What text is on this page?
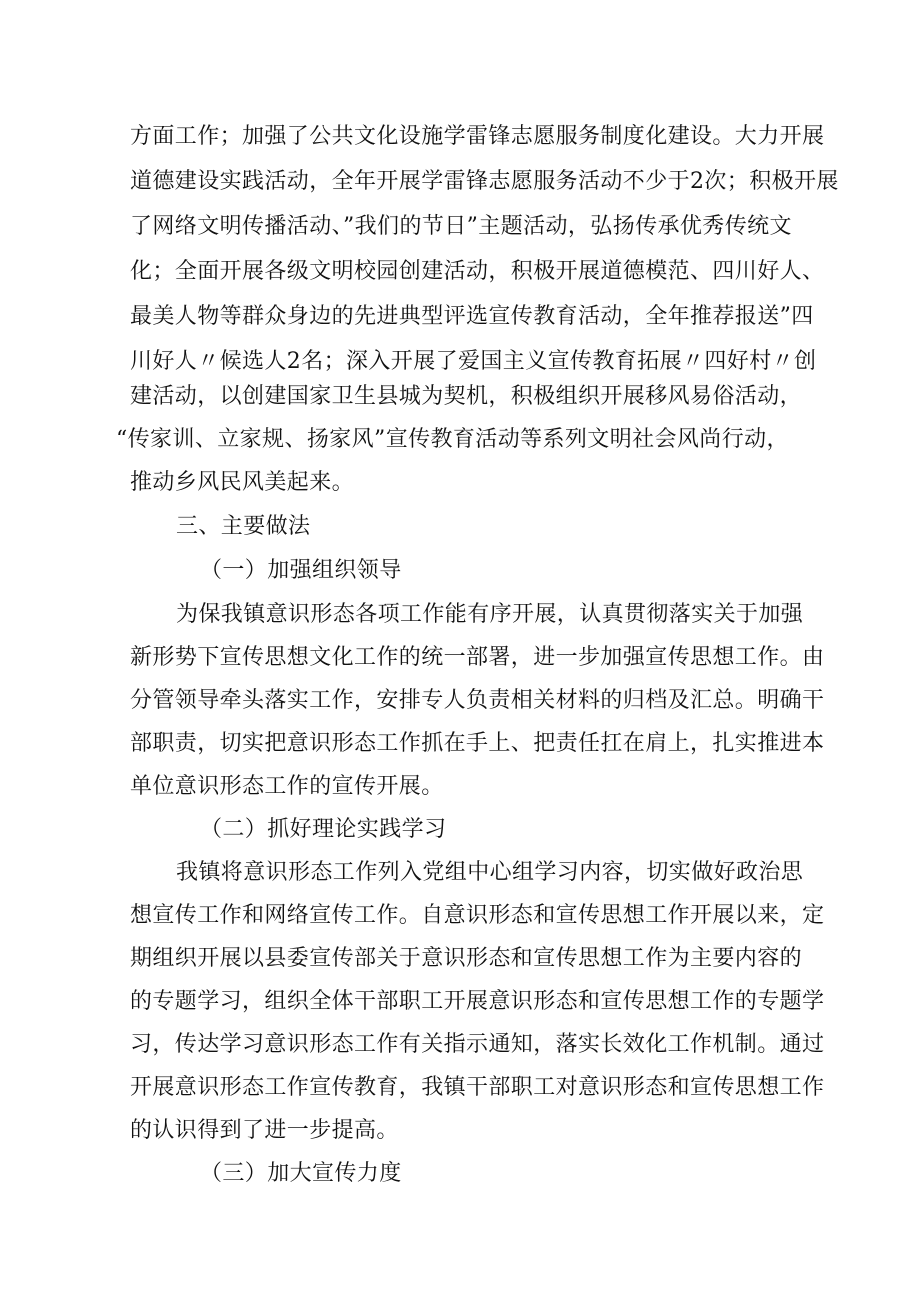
方面工作；加强了公共文化设施学雷锋志愿服务制度化建设。大力开展
道德建设实践活动，全年开展学雷锋志愿服务活动不少于2次；积极开展
了网络文明传播活动、”我们的节日”主题活动，弘扬传承优秀传统文
化；全面开展各级文明校园创建活动，积极开展道德模范、四川好人、
最美人物等群众身边的先进典型评选宣传教育活动，全年推荐报送”四
川好人〃候选人2名；深入开展了爱国主义宣传教育拓展〃四好村〃创
建活动，以创建国家卫生县城为契机，积极组织开展移风易俗活动，
“传家训、立家规、扬家风”宣传教育活动等系列文明社会风尚行动，
推动乡风民风美起来。
三、主要做法
（一）加强组织领导
为保我镇意识形态各项工作能有序开展，认真贯彻落实关于加强
新形势下宣传思想文化工作的统一部署，进一步加强宣传思想工作。由
分管领导牵头落实工作，安排专人负责相关材料的归档及汇总。明确干
部职责，切实把意识形态工作抓在手上、把责任扛在肩上，扎实推进本
单位意识形态工作的宣传开展。
（二）抓好理论实践学习
我镇将意识形态工作列入党组中心组学习内容，切实做好政治思
想宣传工作和网络宣传工作。自意识形态和宣传思想工作开展以来，定
期组织开展以县委宣传部关于意识形态和宣传思想工作为主要内容的
的专题学习，组织全体干部职工开展意识形态和宣传思想工作的专题学
习，传达学习意识形态工作有关指示通知，落实长效化工作机制。通过
开展意识形态工作宣传教育，我镇干部职工对意识形态和宣传思想工作
的认识得到了进一步提高。
（三）加大宣传力度
